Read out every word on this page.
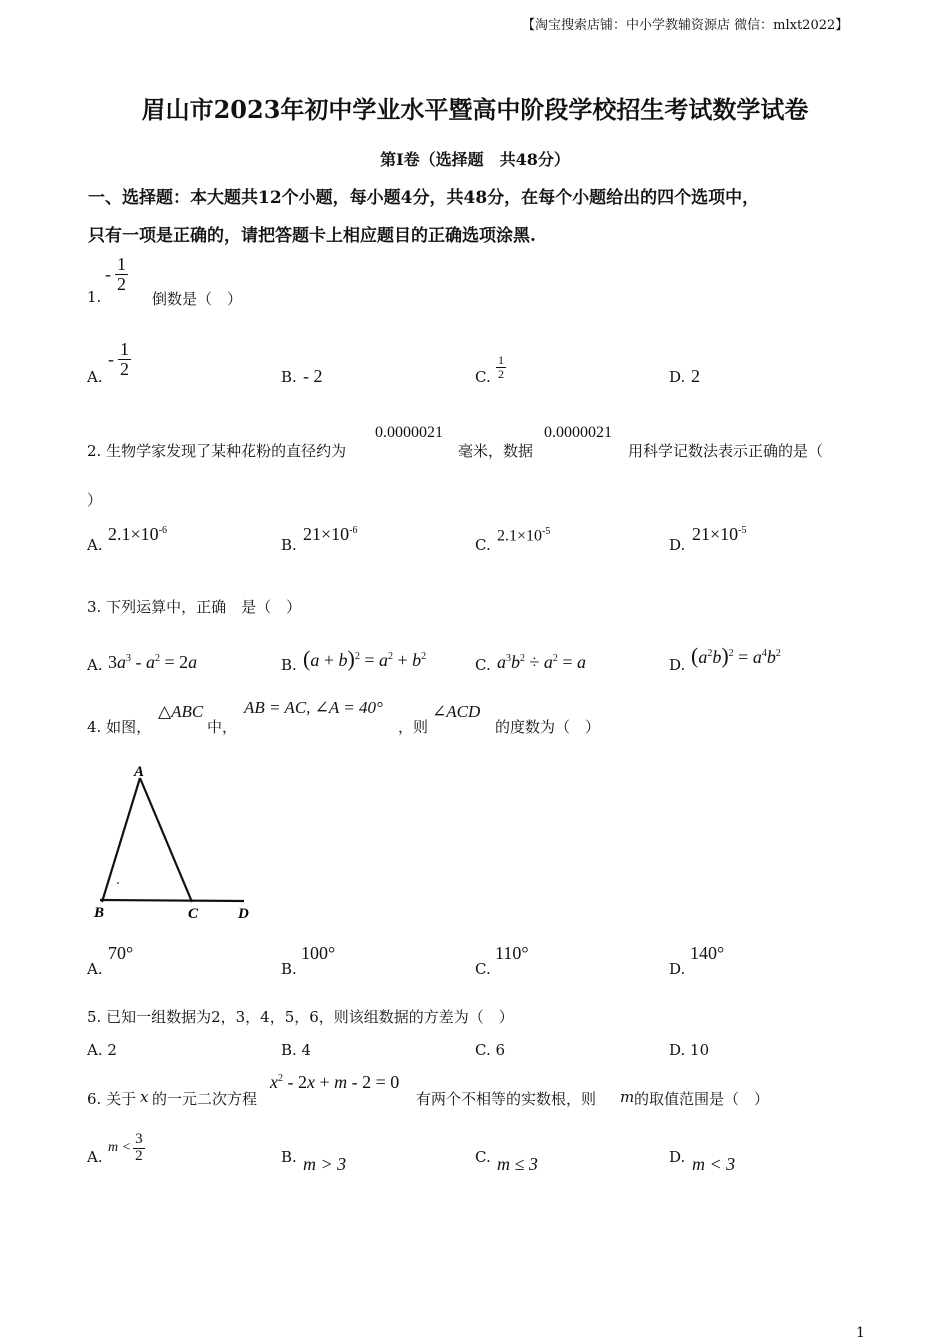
【淘宝搜索店铺：中小学教辅资源店 微信：mlxt2022】
眉山市2023年初中学业水平暨高中阶段学校招生考试数学试卷
第I卷（选择题　共48分）
一、选择题：本大题共12个小题，每小题4分，共48分，在每个小题给出的四个选项中，
只有一项是正确的，请把答题卡上相应题目的正确选项涂黑.
1.
- $\frac{1}{2}$
倒数是（　）
A.
- $\frac{1}{2}$	B. - 2	C. $\frac{1}{2}$	D. 2
2. 生物学家发现了某种花粉的直径约为
0.0000021
毫米，数据
0.0000021
用科学记数法表示正确的是（
）
A.
$2.1\times 10^{-6}$
B.
$21\times 10^{-6}$
C.
$2.1\times 10^{-5}$
D.
$21\times 10^{-5}$
3. 下列运算中，正确　是（　）
A. $3a^3 - a^2 = 2a$	B. $(a + b)^2 = a^2 + b^2$	C. $a^3b^2 \div a^2 = a$	D. $(a^2b)^2 = a^4b^2$
4. 如图，
△ABC
中，
AB = AC, ∠A = 40°
，则
∠ACD
的度数为（　）
A
B	C	D
A.
70°
B.
100°
C.
110°
D.
140°
5. 已知一组数据为2，3，4，5，6，则该组数据的方差为（　）
A. 2	B. 4	C. 6	D. 10
6. 关于 x 的一元二次方程
$x^2 - 2x + m - 2 = 0$
有两个不相等的实数根，则 m 的取值范围是（　）
A.
$m < \frac{3}{2}$	B. m > 3	C. m ≤ 3	D. m < 3
1
